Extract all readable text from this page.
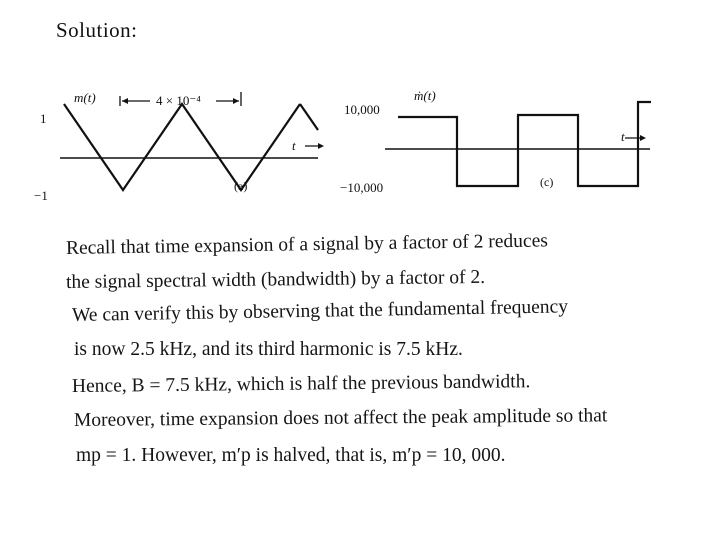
Solution:
m(t)	4 × 10⁻⁴
1
−1
t
(a)
ṁ(t)
10,000
−10,000
t
(c)
Recall that time expansion of a signal by a factor of 2 reduces
the signal spectral width (bandwidth) by a factor of 2.
We can verify this by observing that the fundamental frequency
is now 2.5 kHz, and its third harmonic is 7.5 kHz.
Hence, B = 7.5 kHz, which is half the previous bandwidth.
Moreover, time expansion does not affect the peak amplitude so that
mp = 1. However, m′p is halved, that is, m′p = 10, 000.
